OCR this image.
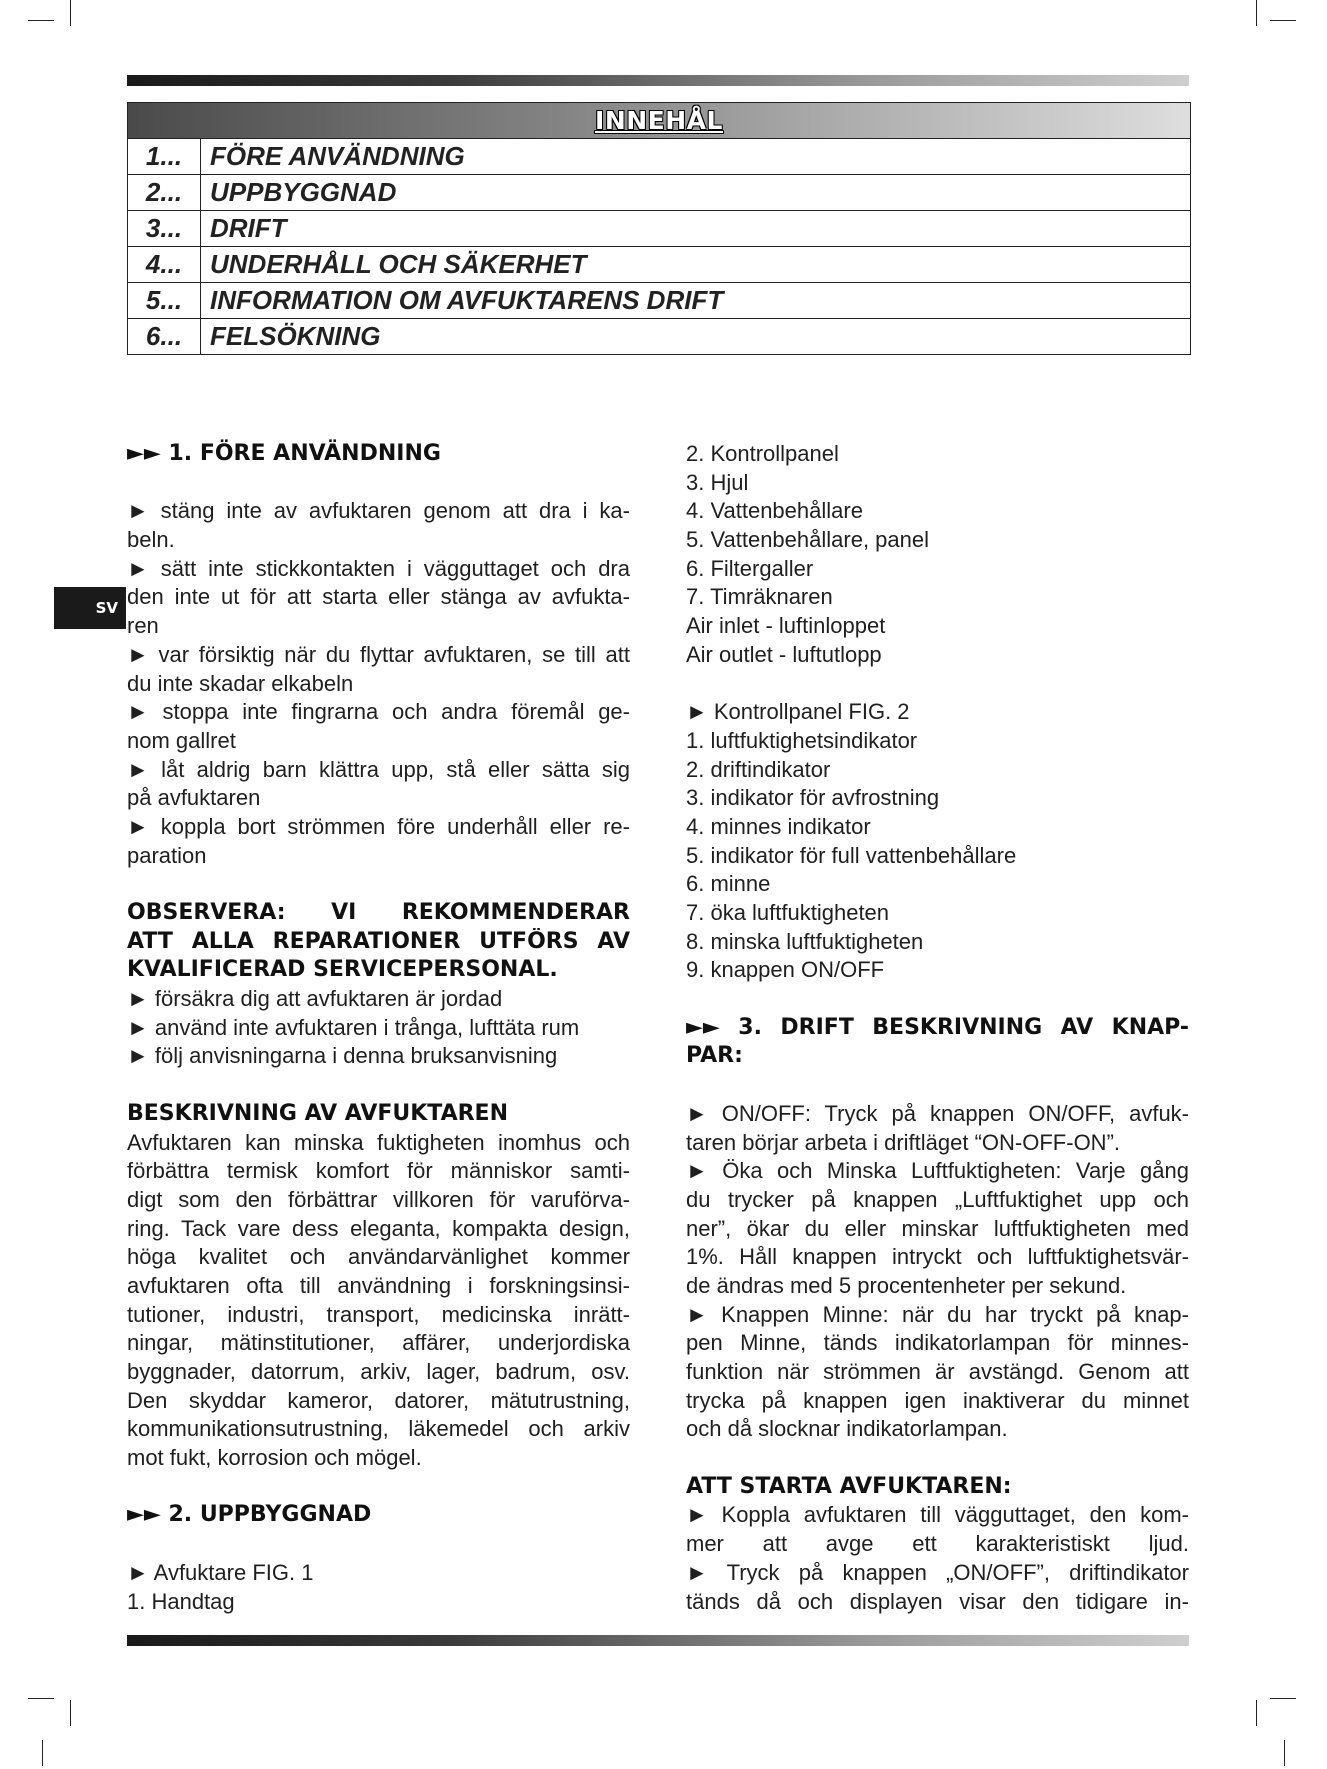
INNEHÅL
1...	FÖRE ANVÄNDNING
2...	UPPBYGGNAD
3...	DRIFT
4...	UNDERHÅLL OCH SÄKERHET
5...	INFORMATION OM AVFUKTARENS DRIFT
6...	FELSÖKNING
SV
►► 1. FÖRE ANVÄNDNING
► stäng inte av avfuktaren genom att dra i ka-
beln.
► sätt inte stickkontakten i vägguttaget och dra
den inte ut för att starta eller stänga av avfukta-
ren
► var försiktig när du flyttar avfuktaren, se till att
du inte skadar elkabeln
► stoppa inte fingrarna och andra föremål ge-
nom gallret
► låt aldrig barn klättra upp, stå eller sätta sig
på avfuktaren
► koppla bort strömmen före underhåll eller re-
paration
OBSERVERA: VI REKOMMENDERAR
ATT ALLA REPARATIONER UTFÖRS AV
KVALIFICERAD SERVICEPERSONAL.
► försäkra dig att avfuktaren är jordad
► använd inte avfuktaren i trånga, lufttäta rum
► följ anvisningarna i denna bruksanvisning
BESKRIVNING AV AVFUKTAREN
Avfuktaren kan minska fuktigheten inomhus och
förbättra termisk komfort för människor samti-
digt som den förbättrar villkoren för varuförva-
ring. Tack vare dess eleganta, kompakta design,
höga kvalitet och användarvänlighet kommer
avfuktaren ofta till användning i forskningsinsi-
tutioner, industri, transport, medicinska inrätt-
ningar, mätinstitutioner, affärer, underjordiska
byggnader, datorrum, arkiv, lager, badrum, osv.
Den skyddar kameror, datorer, mätutrustning,
kommunikationsutrustning, läkemedel och arkiv
mot fukt, korrosion och mögel.
►► 2. UPPBYGGNAD
► Avfuktare FIG. 1
1. Handtag
2. Kontrollpanel
3. Hjul
4. Vattenbehållare
5. Vattenbehållare, panel
6. Filtergaller
7. Timräknaren
Air inlet - luftinloppet
Air outlet - luftutlopp
► Kontrollpanel FIG. 2
1. luftfuktighetsindikator
2. driftindikator
3. indikator för avfrostning
4. minnes indikator
5. indikator för full vattenbehållare
6. minne
7. öka luftfuktigheten
8. minska luftfuktigheten
9. knappen ON/OFF
►► 3. DRIFT BESKRIVNING AV KNAP-
PAR:
► ON/OFF: Tryck på knappen ON/OFF, avfuk-
taren börjar arbeta i driftläget “ON-OFF-ON”.
► Öka och Minska Luftfuktigheten: Varje gång
du trycker på knappen „Luftfuktighet upp och
ner”, ökar du eller minskar luftfuktigheten med
1%. Håll knappen intryckt och luftfuktighetsvär-
de ändras med 5 procentenheter per sekund.
► Knappen Minne: när du har tryckt på knap-
pen Minne, tänds indikatorlampan för minnes-
funktion när strömmen är avstängd. Genom att
trycka på knappen igen inaktiverar du minnet
och då slocknar indikatorlampan.
ATT STARTA AVFUKTAREN:
► Koppla avfuktaren till vägguttaget, den kom-
mer att avge ett karakteristiskt ljud.
► Tryck på knappen „ON/OFF”, driftindikator
tänds då och displayen visar den tidigare in-
